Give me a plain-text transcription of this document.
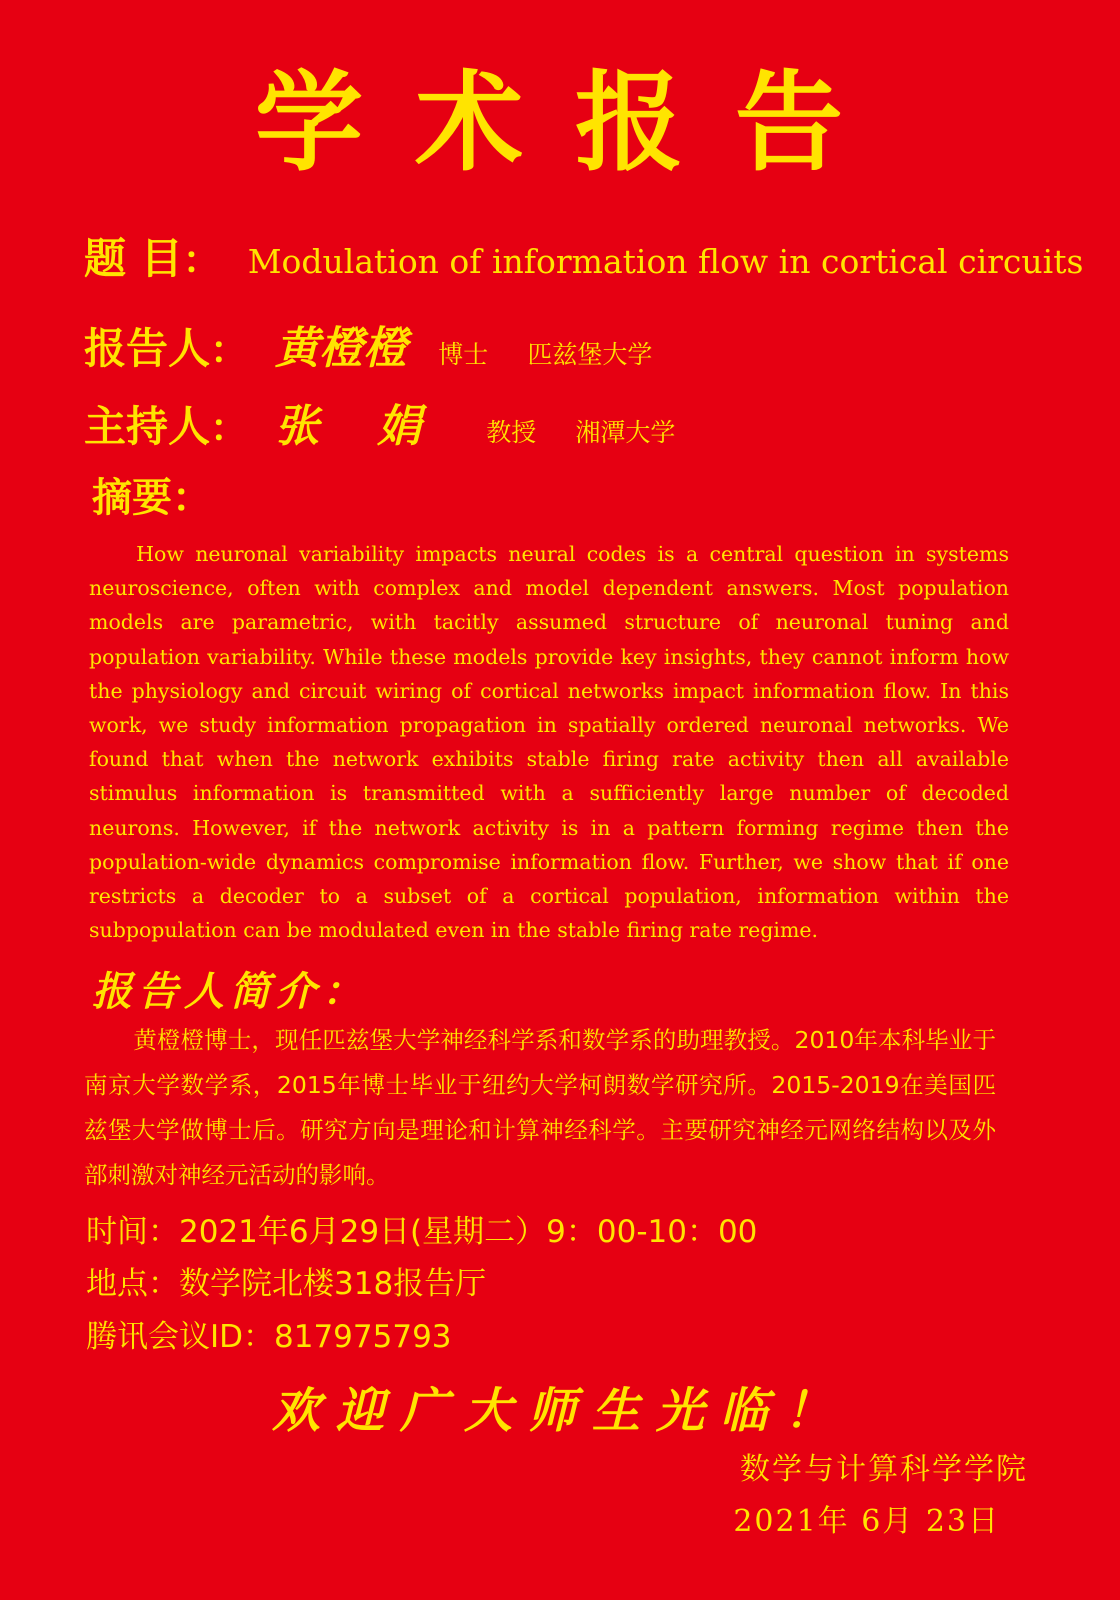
学术报告
题 目： Modulation of information flow in cortical circuits
报告人： 黄橙橙 博士 匹兹堡大学
主持人： 张娟 教授 湘潭大学
摘要：

How neuronal variability impacts neural codes is a central question in systems neuroscience, often with complex and model dependent answers. Most population models are parametric, with tacitly assumed structure of neuronal tuning and population variability. While these models provide key insights, they cannot inform how the physiology and circuit wiring of cortical networks impact information flow. In this work, we study information propagation in spatially ordered neuronal networks. We found that when the network exhibits stable firing rate activity then all available stimulus information is transmitted with a sufficiently large number of decoded neurons. However, if the network activity is in a pattern forming regime then the population-wide dynamics compromise information flow. Further, we show that if one restricts a decoder to a subset of a cortical population, information within the subpopulation can be modulated even in the stable firing rate regime.

报告人简介：

黄橙橙博士，现任匹兹堡大学神经科学系和数学系的助理教授。2010年本科毕业于南京大学数学系，2015年博士毕业于纽约大学柯朗数学研究所。2015-2019在美国匹兹堡大学做博士后。研究方向是理论和计算神经科学。主要研究神经元网络结构以及外部刺激对神经元活动的影响。

时间：2021年6月29日(星期二）9：00-10：00
地点：数学院北楼318报告厅
腾讯会议ID：817975793
欢迎广大师生光临！
数学与计算科学学院
2021年 6月 23日
